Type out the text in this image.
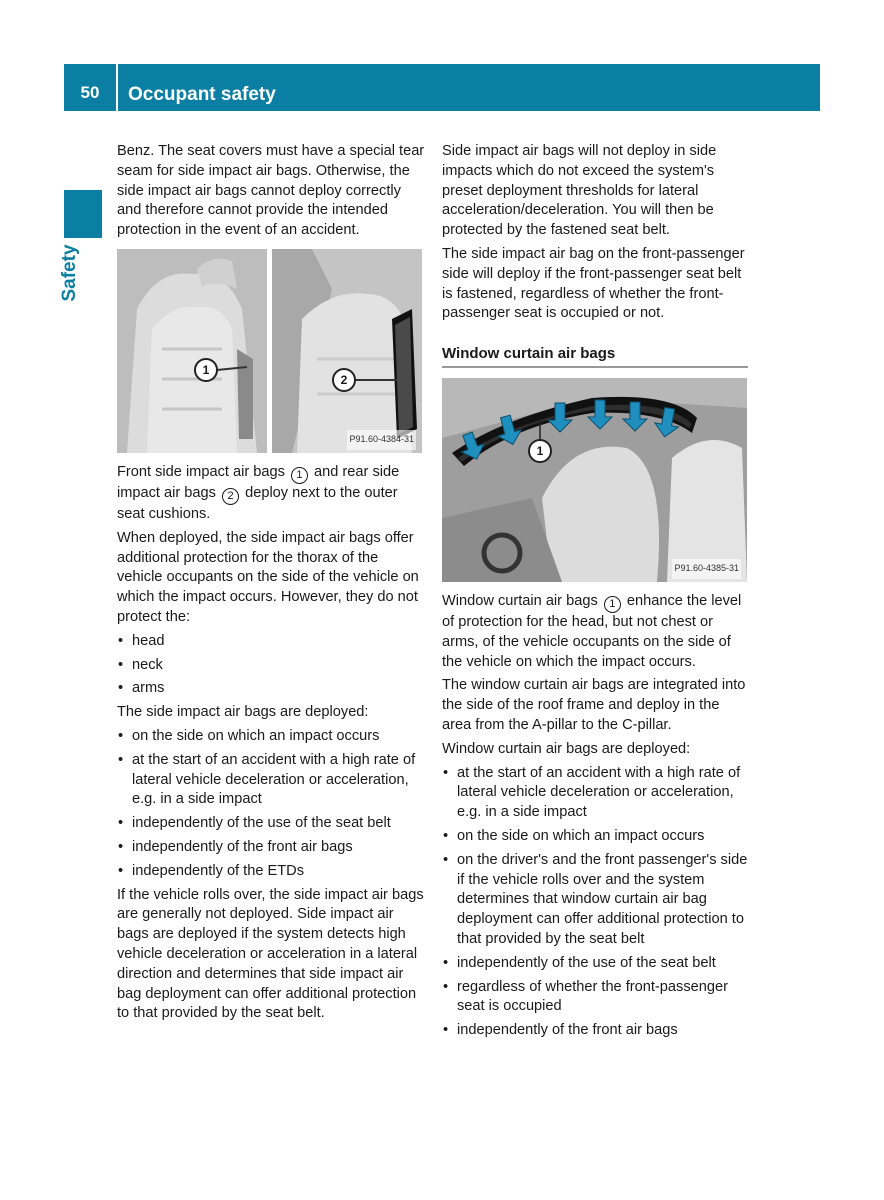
50	Occupant safety
Safety

Benz. The seat covers must have a special tear seam for side impact air bags. Otherwise, the side impact air bags cannot deploy correctly and therefore cannot provide the intended protection in the event of an accident.

1
2
P91.60-4384-31

Front side impact air bags 1 and rear side impact air bags 2 deploy next to the outer seat cushions.

When deployed, the side impact air bags offer additional protection for the thorax of the vehicle occupants on the side of the vehicle on which the impact occurs. However, they do not protect the:

• head
• neck
• arms

The side impact air bags are deployed:

• on the side on which an impact occurs
• at the start of an accident with a high rate of lateral vehicle deceleration or acceleration, e.g. in a side impact
• independently of the use of the seat belt
• independently of the front air bags
• independently of the ETDs

If the vehicle rolls over, the side impact air bags are generally not deployed. Side impact air bags are deployed if the system detects high vehicle deceleration or acceleration in a lateral direction and determines that side impact air bag deployment can offer additional protection to that provided by the seat belt.

Side impact air bags will not deploy in side impacts which do not exceed the system's preset deployment thresholds for lateral acceleration/deceleration. You will then be protected by the fastened seat belt.

The side impact air bag on the front-passenger side will deploy if the front-passenger seat belt is fastened, regardless of whether the front-passenger seat is occupied or not.

Window curtain air bags
1
P91.60-4385-31

Window curtain air bags 1 enhance the level of protection for the head, but not chest or arms, of the vehicle occupants on the side of the vehicle on which the impact occurs.

The window curtain air bags are integrated into the side of the roof frame and deploy in the area from the A-pillar to the C-pillar.

Window curtain air bags are deployed:

• at the start of an accident with a high rate of lateral vehicle deceleration or acceleration, e.g. in a side impact
• on the side on which an impact occurs
• on the driver's and the front passenger's side if the vehicle rolls over and the system determines that window curtain air bag deployment can offer additional protection to that provided by the seat belt
• independently of the use of the seat belt
• regardless of whether the front-passenger seat is occupied
• independently of the front air bags
